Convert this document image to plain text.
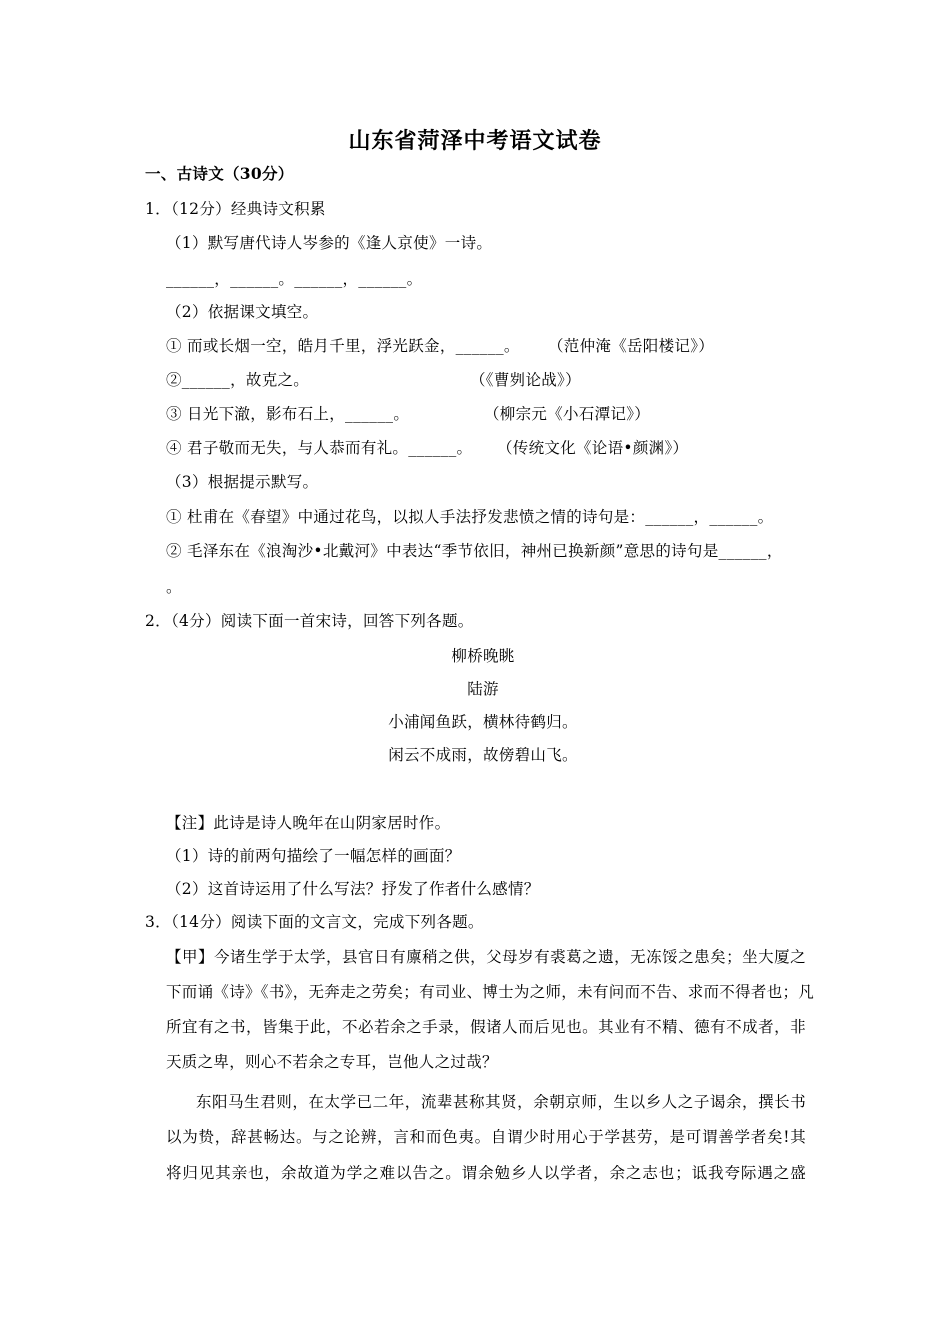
山东省菏泽中考语文试卷
一、古诗文（30分）
1．（12分）经典诗文积累
（1）默写唐代诗人岑参的《逢人京使》一诗。
______，______。______，______。
（2）依据课文填空。
① 而或长烟一空，皓月千里，浮光跃金，______。 （范仲淹《岳阳楼记》）
②______，故克之。	（《曹刿论战》）
③ 日光下澈，影布石上，______。	（柳宗元《小石潭记》）
④ 君子敬而无失，与人恭而有礼。______。 （传统文化《论语•颜渊》）
（3）根据提示默写。
① 杜甫在《春望》中通过花鸟，以拟人手法抒发悲愤之情的诗句是：______，______。
② 毛泽东在《浪淘沙•北戴河》中表达“季节依旧，神州已换新颜”意思的诗句是______，
。
2．（4分）阅读下面一首宋诗，回答下列各题。
柳桥晚眺
陆游
小浦闻鱼跃，横林待鹤归。
闲云不成雨，故傍碧山飞。
【注】此诗是诗人晚年在山阴家居时作。
（1）诗的前两句描绘了一幅怎样的画面？
（2）这首诗运用了什么写法？抒发了作者什么感情？
3．（14分）阅读下面的文言文，完成下列各题。
【甲】今诸生学于太学，县官日有廪稍之供，父母岁有裘葛之遗，无冻馁之患矣；坐大厦之
下而诵《诗》《书》，无奔走之劳矣；有司业、博士为之师，未有问而不告、求而不得者也；凡
所宜有之书，皆集于此，不必若余之手录，假诸人而后见也。其业有不精、德有不成者，非
天质之卑，则心不若余之专耳，岂他人之过哉？
东阳马生君则，在太学已二年，流辈甚称其贤，余朝京师，生以乡人之子谒余，撰长书
以为贽，辞甚畅达。与之论辨，言和而色夷。自谓少时用心于学甚劳，是可谓善学者矣!其
将归见其亲也，余故道为学之难以告之。谓余勉乡人以学者，余之志也；诋我夸际遇之盛
